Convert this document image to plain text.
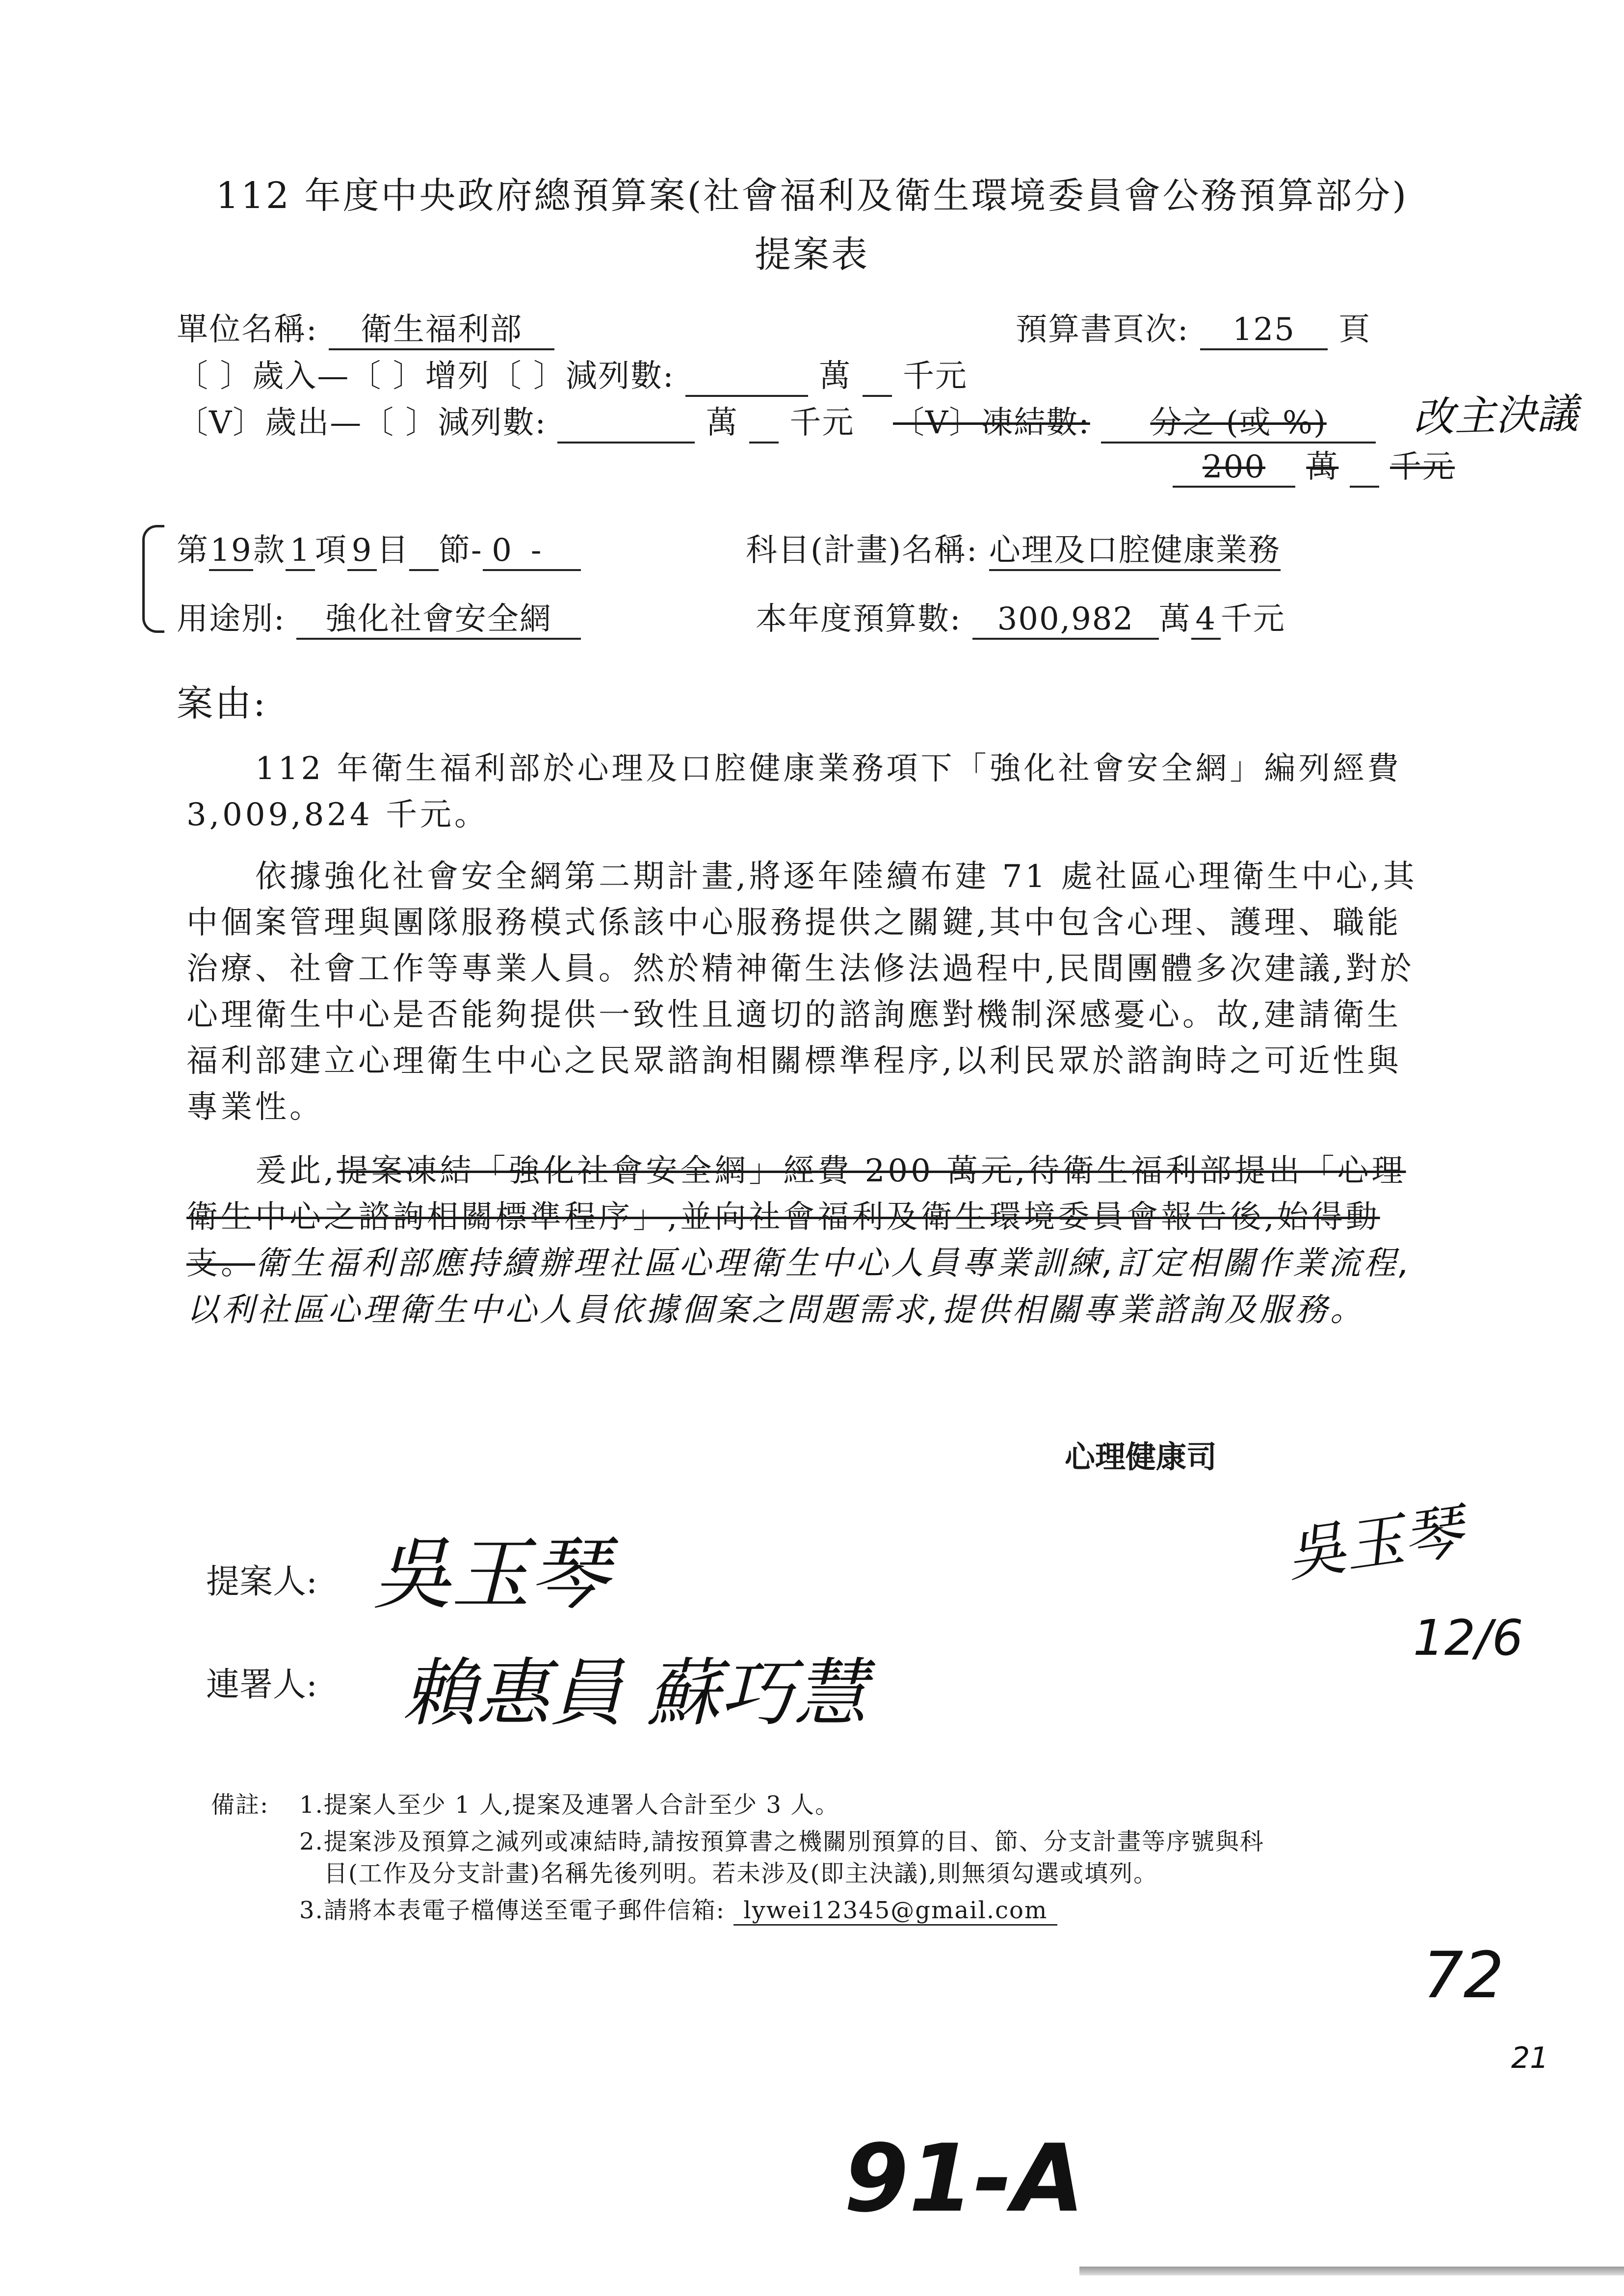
112 年度中央政府總預算案(社會福利及衛生環境委員會公務預算部分)
提案表
單位名稱: 衛生福利部	預算書頁次: 125 頁
〔 〕歲入—〔 〕增列〔 〕減列數:	萬 千元
〔V〕歲出—〔 〕減列數:	萬 千元 〔V〕凍結數: 分之 (或 %)	改主決議
200 萬 千元
第19款 1 項 9 目 節- 0 -	科目(計畫)名稱: 心理及口腔健康業務
用途別: 強化社會安全網	本年度預算數: 300,982 萬 4 千元
案由:
112 年衛生福利部於心理及口腔健康業務項下「強化社會安全網」編列經費 3,009,824 千元。
依據強化社會安全網第二期計畫,將逐年陸續布建 71 處社區心理衛生中心,其中個案管理與團隊服務模式係該中心服務提供之關鍵,其中包含心理、護理、職能治療、社會工作等專業人員。然於精神衛生法修法過程中,民間團體多次建議,對於心理衛生中心是否能夠提供一致性且適切的諮詢應對機制深感憂心。故,建請衛生福利部建立心理衛生中心之民眾諮詢相關標準程序,以利民眾於諮詢時之可近性與專業性。
爰此,提案凍結「強化社會安全網」經費 200 萬元,待衛生福利部提出「心理衛生中心之諮詢相關標準程序」,並向社會福利及衛生環境委員會報告後,始得動支。衛生福利部應持續辦理社區心理衛生中心人員專業訓練,訂定相關作業流程,以利社區心理衛生中心人員依據個案之問題需求,提供相關專業諮詢及服務。
心理健康司
提案人: 吳玉琴
連署人: 賴惠員 蘇巧慧
吳玉琴
12/6
備註: 1.提案人至少 1 人,提案及連署人合計至少 3 人。
2.提案涉及預算之減列或凍結時,請按預算書之機關別預算的目、節、分支計畫等序號與科
目(工作及分支計畫)名稱先後列明。若未涉及(即主決議),則無須勾選或填列。
3.請將本表電子檔傳送至電子郵件信箱: lywei12345@gmail.com
72
21
91-A
